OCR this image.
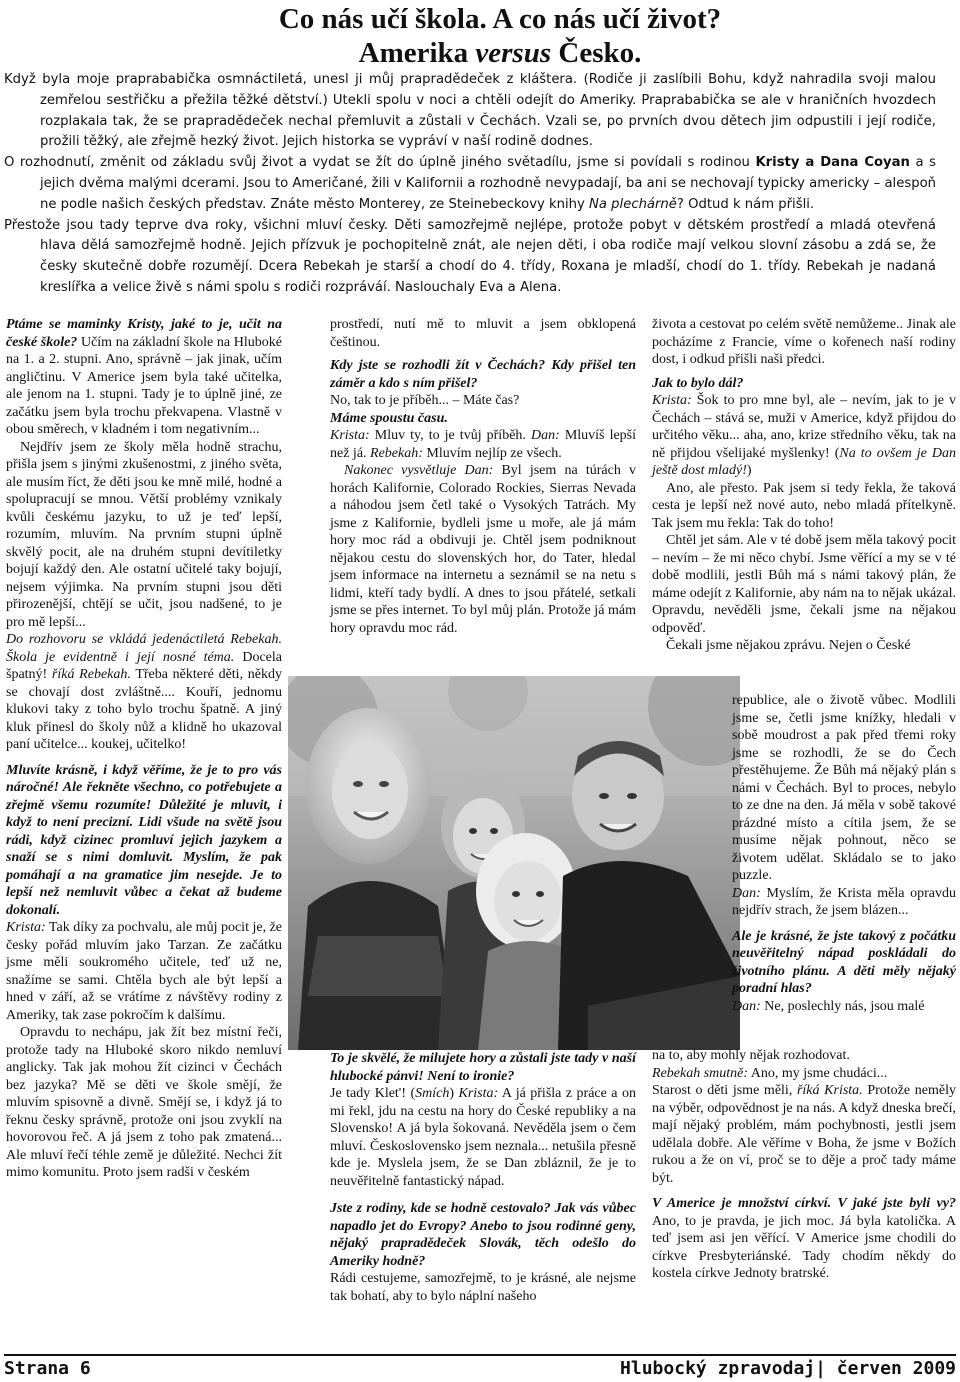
Co nás učí škola. A co nás učí život?
Amerika versus Česko.

Když byla moje praprababička osmnáctiletá, unesl ji můj prapradědeček z kláštera. (Rodiče ji zaslíbili Bohu, když nahradila svoji malou zemřelou sestřičku a přežila těžké dětství.) Utekli spolu v noci a chtěli odejít do Ameriky. Praprababička se ale v hraničních hvozdech rozplakala tak, že se prapradědeček nechal přemluvit a zůstali v Čechách. Vzali se, po prvních dvou dětech jim odpustili i její rodiče, prožili těžký, ale zřejmě hezký život. Jejich historka se vypráví v naší rodině dodnes.

O rozhodnutí, změnit od základu svůj život a vydat se žít do úplně jiného světadílu, jsme si povídali s rodinou Kristy a Dana Coyan a s jejich dvěma malými dcerami. Jsou to Američané, žili v Kalifornii a rozhodně nevypadají, ba ani se nechovají typicky americky – alespoň ne podle našich českých představ. Znáte město Monterey, ze Steinebeckovy knihy Na plechárně? Odtud k nám přišli.

Přestože jsou tady teprve dva roky, všichni mluví česky. Děti samozřejmě nejlépe, protože pobyt v dětském prostředí a mladá otevřená hlava dělá samozřejmě hodně. Jejich přízvuk je pochopitelně znát, ale nejen děti, i oba rodiče mají velkou slovní zásobu a zdá se, že česky skutečně dobře rozumějí. Dcera Rebekah je starší a chodí do 4. třídy, Roxana je mladší, chodí do 1. třídy. Rebekah je nadaná kreslířka a velice živě s námi spolu s rodiči rozpráváí. Naslouchaly Eva a Alena.

Ptáme se maminky Kristy, jaké to je, učit na české škole? Učím na základní škole na Hluboké na 1. a 2. stupni. Ano, správně – jak jinak, učím angličtinu. V Americe jsem byla také učitelka, ale jenom na 1. stupni. Tady je to úplně jiné, ze začátku jsem byla trochu překvapena. Vlastně v obou směrech, v kladném i tom negativním...

Nejdřív jsem ze školy měla hodně strachu, přišla jsem s jinými zkušenostmi, z jiného světa, ale musím říct, že děti jsou ke mně milé, hodné a spolupracují se mnou. Větší problémy vznikaly kvůli českému jazyku, to už je teď lepší, rozumím, mluvím. Na prvním stupni úplně skvělý pocit, ale na druhém stupni devítiletky bojují každý den. Ale ostatní učitelé taky bojují, nejsem výjimka. Na prvním stupni jsou děti přirozenější, chtějí se učit, jsou nadšené, to je pro mě lepší...

Do rozhovoru se vkládá jedenáctiletá Rebekah. Škola je evidentně i její nosné téma. Docela špatný! říká Rebekah. Třeba některé děti, někdy se chovají dost zvláštně.... Kouří, jednomu klukovi taky z toho bylo trochu špatně. A jiný kluk přinesl do školy nůž a klidně ho ukazoval paní učitelce... koukej, učitelko!

Mluvíte krásně, i když věříme, že je to pro vás náročné! Ale řekněte všechno, co potřebujete a zřejmě všemu rozumíte! Důležité je mluvit, i když to není precizní. Lidi všude na světě jsou rádi, když cizinec promluví jejich jazykem a snaží se s nimi domluvit. Myslím, že pak pomáhají a na gramatice jim nesejde. Je to lepší než nemluvit vůbec a čekat až budeme dokonalí.

Krista: Tak díky za pochvalu, ale můj pocit je, že česky pořád mluvím jako Tarzan. Ze začátku jsme měli soukromého učitele, teď už ne, snažíme se sami. Chtěla bych ale být lepší a hned v září, až se vrátíme z návštěvy rodiny z Ameriky, tak zase pokročím k dalšímu.

Opravdu to nechápu, jak žít bez místní řeči, protože tady na Hluboké skoro nikdo nemluví anglicky. Tak jak mohou žít cizinci v Čechách bez jazyka? Mě se děti ve škole smějí, že mluvím spisovně a divně. Smějí se, i když já to řeknu česky správně, protože oni jsou zvyklí na hovorovou řeč. A já jsem z toho pak zmatená... Ale mluví řečí téhle země je důležité. Nechci žít mimo komunitu. Proto jsem radši v českém

prostředí, nutí mě to mluvit a jsem obklopená češtinou.

Kdy jste se rozhodli žít v Čechách? Kdy přišel ten záměr a kdo s ním přišel?

No, tak to je příběh... – Máte čas?

Máme spoustu času.

Krista: Mluv ty, to je tvůj příběh. Dan: Mluvíš lepší než já. Rebekah: Mluvím nejlíp ze všech.

Nakonec vysvětluje Dan: Byl jsem na túrách v horách Kalifornie, Colorado Rockies, Sierras Nevada a náhodou jsem četl také o Vysokých Tatrách. My jsme z Kalifornie, bydleli jsme u moře, ale já mám hory moc rád a obdivuji je. Chtěl jsem podniknout nějakou cestu do slovenských hor, do Tater, hledal jsem informace na internetu a seznámil se na netu s lidmi, kteří tady bydlí. A dnes to jsou přátelé, setkali jsme se přes internet. To byl můj plán. Protože já mám hory opravdu moc rád.

To je skvělé, že milujete hory a zůstali jste tady v naší hlubocké pánvi! Není to ironie?

Je tady Klet'! (Smích) Krista: A já přišla z práce a on mi řekl, jdu na cestu na hory do České republiky a na Slovensko! A já byla šokovaná. Nevěděla jsem o čem mluví. Československo jsem neznala... netušila přesně kde je. Myslela jsem, že se Dan zbláznil, že je to neuvěřitelně fantastický nápad.

Jste z rodiny, kde se hodně cestovalo? Jak vás vůbec napadlo jet do Evropy? Anebo to jsou rodinné geny, nějaký prapradědeček Slovák, těch odešlo do Ameriky hodně?

Rádi cestujeme, samozřejmě, to je krásné, ale nejsme tak bohatí, aby to bylo náplní našeho

života a cestovat po celém světě nemůžeme.. Jinak ale pocházíme z Francie, víme o kořenech naší rodiny dost, i odkud přišli naši předci.

Jak to bylo dál?

Krista: Šok to pro mne byl, ale – nevím, jak to je v Čechách – stává se, muži v Americe, když přijdou do určitého věku... aha, ano, krize středního věku, tak na ně přijdou všelijaké myšlenky! (Na to ovšem je Dan ještě dost mladý!)

Ano, ale přesto. Pak jsem si tedy řekla, že taková cesta je lepší než nové auto, nebo mladá přítelkyně. Tak jsem mu řekla: Tak do toho!

Chtěl jet sám. Ale v té době jsem měla takový pocit – nevím – že mi něco chybí. Jsme věřící a my se v té době modlili, jestli Bůh má s námi takový plán, že máme odejít z Kalifornie, aby nám na to nějak ukázal. Opravdu, nevěděli jsme, čekali jsme na nějakou odpověď.

Čekali jsme nějakou zprávu. Nejen o České

republice, ale o životě vůbec. Modlili jsme se, četli jsme knížky, hledali v sobě moudrost a pak před třemi roky jsme se rozhodli, že se do Čech přestěhujeme. Že Bůh má nějaký plán s námi v Čechách. Byl to proces, nebylo to ze dne na den. Já měla v sobě takové prázdné místo a cítila jsem, že se musíme nějak pohnout, něco se životem udělat. Skládalo se to jako puzzle.

Dan: Myslím, že Krista měla opravdu nejdřív strach, že jsem blázen...

Ale je krásné, že jste takový z počátku neuvěřitelný nápad poskládali do životního plánu. A děti měly nějaký poradní hlas?

Dan: Ne, poslechly nás, jsou malé

na to, aby mohly nějak rozhodovat.

Rebekah smutně: Ano, my jsme chudáci...

Starost o děti jsme měli, říká Krista. Protože neměly na výběr, odpovědnost je na nás. A když dneska brečí, mají nějaký problém, mám pochybnosti, jestli jsem udělala dobře. Ale věříme v Boha, že jsme v Božích rukou a že on ví, proč se to děje a proč tady máme být.

V Americe je množství církví. V jaké jste byli vy? Ano, to je pravda, je jich moc. Já byla katolička. A teď jsem asi jen věřící. V Americe jsme chodili do církve Presbyteriánské. Tady chodím někdy do kostela církve Jednoty bratrské.

Strana 6	Hlubocký zpravodaj| červen 2009
